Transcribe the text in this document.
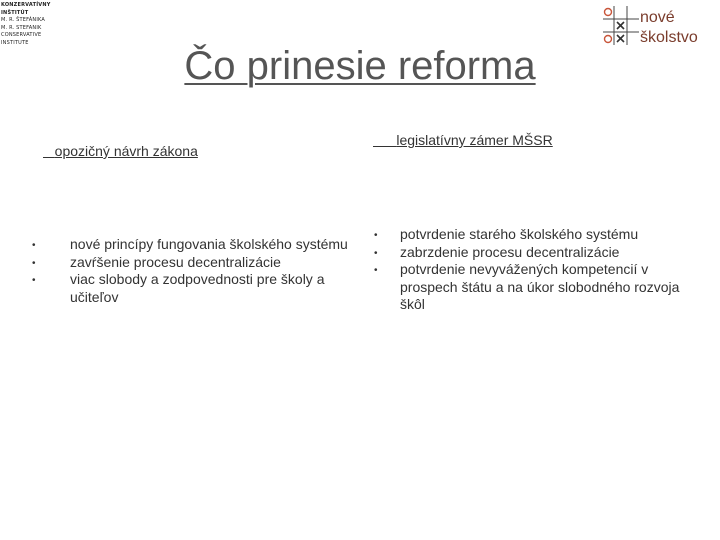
KONZERVATÍVNY
INŠTITÚT
M. R. ŠTEFÁNIKA
M. R. STEFANIK
CONSERVATIVE
INSTITUTE
nové
školstvo
Čo prinesie reforma
opozičný návrh zákona
legislatívny zámer MŠSR
• nové princípy fungovania školského systému
• zavŕšenie procesu decentralizácie
• viac slobody a zodpovednosti pre školy a učiteľov
• potvrdenie starého školského systému
• zabrzdenie procesu decentralizácie
• potvrdenie nevyvážených kompetencií v prospech štátu a na úkor slobodného rozvoja škôl
